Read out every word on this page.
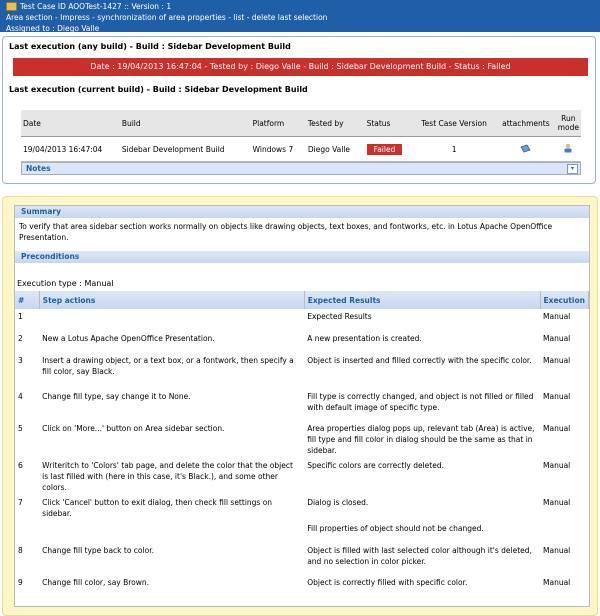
Test Case ID AOOTest-1427 :: Version : 1
Area section - Impress - synchronization of area properties - list - delete last selection
Assigned to : Diego Valle
Last execution (any build) - Build : Sidebar Development Build
Date : 19/04/2013 16:47:04 - Tested by : Diego Valle - Build : Sidebar Development Build - Status : Failed
Last execution (current build) - Build : Sidebar Development Build
Date	Build	Platform	Tested by	Status	Test Case Version	attachments	Run mode
19/04/2013 16:47:04	Sidebar Development Build	Windows 7	Diego Valle	Failed	1		
Notes	▾
Summary
To verify that area sidebar section works normally on objects like drawing objects, text boxes, and fontworks, etc. in Lotus Apache OpenOffice Presentation.
Preconditions
Execution type : Manual
#	Step actions	Expected Results	Execution
1		Expected Results	Manual
2	New a Lotus Apache OpenOffice Presentation.	A new presentation is created.	Manual
3	Insert a drawing object, or a text box, or a fontwork, then specify a fill color, say Black.	Object is inserted and filled correctly with the specific color.	Manual
4	Change fill type, say change it to None.	Fill type is correctly changed, and object is not filled or filled with default image of specific type.	Manual
5	Click on 'More...' button on Area sidebar section.	Area properties dialog pops up, relevant tab (Area) is active, fill type and fill color in dialog should be the same as that in sidebar.	Manual
6	Writeritch to 'Colors' tab page, and delete the color that the object is last filled with (here in this case, it's Black.), and some other colors.	Specific colors are correctly deleted.	Manual
7	Click 'Cancel' button to exit dialog, then check fill settings on sidebar.	Dialog is closed.	Manual
		Fill properties of object should not be changed.	
8	Change fill type back to color.	Object is filled with last selected color although it's deleted, and no selection in color picker.	Manual
9	Change fill color, say Brown.	Object is correctly filled with specific color.	Manual
